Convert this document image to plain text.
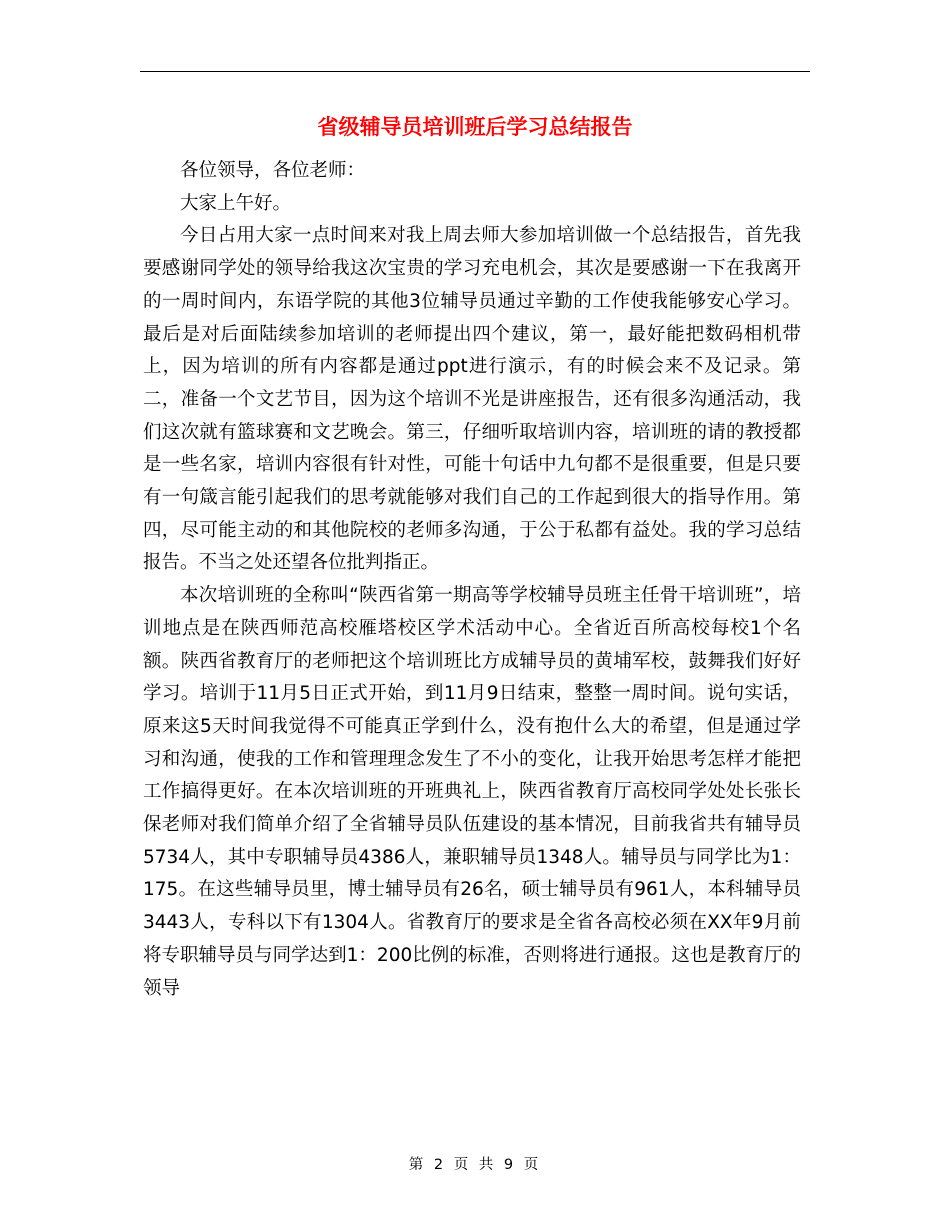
省级辅导员培训班后学习总结报告

各位领导，各位老师：

大家上午好。

今日占用大家一点时间来对我上周去师大参加培训做一个总结报告，首先我要感谢同学处的领导给我这次宝贵的学习充电机会，其次是要感谢一下在我离开的一周时间内，东语学院的其他3位辅导员通过辛勤的工作使我能够安心学习。最后是对后面陆续参加培训的老师提出四个建议，第一，最好能把数码相机带上，因为培训的所有内容都是通过ppt进行演示，有的时候会来不及记录。第二，准备一个文艺节目，因为这个培训不光是讲座报告，还有很多沟通活动，我们这次就有篮球赛和文艺晚会。第三，仔细听取培训内容，培训班的请的教授都是一些名家，培训内容很有针对性，可能十句话中九句都不是很重要，但是只要有一句箴言能引起我们的思考就能够对我们自己的工作起到很大的指导作用。第四，尽可能主动的和其他院校的老师多沟通，于公于私都有益处。我的学习总结报告。不当之处还望各位批判指正。

本次培训班的全称叫“陕西省第一期高等学校辅导员班主任骨干培训班”，培训地点是在陕西师范高校雁塔校区学术活动中心。全省近百所高校每校1个名额。陕西省教育厅的老师把这个培训班比方成辅导员的黄埔军校，鼓舞我们好好学习。培训于11月5日正式开始，到11月9日结束，整整一周时间。说句实话，原来这5天时间我觉得不可能真正学到什么，没有抱什么大的希望，但是通过学习和沟通，使我的工作和管理理念发生了不小的变化，让我开始思考怎样才能把工作搞得更好。在本次培训班的开班典礼上，陕西省教育厅高校同学处处长张长保老师对我们简单介绍了全省辅导员队伍建设的基本情况，目前我省共有辅导员5734人，其中专职辅导员4386人，兼职辅导员1348人。辅导员与同学比为1：175。在这些辅导员里，博士辅导员有26名，硕士辅导员有961人，本科辅导员3443人，专科以下有1304人。省教育厅的要求是全省各高校必须在XX年9月前将专职辅导员与同学达到1：200比例的标准，否则将进行通报。这也是教育厅的领导

第 2 页 共 9 页
